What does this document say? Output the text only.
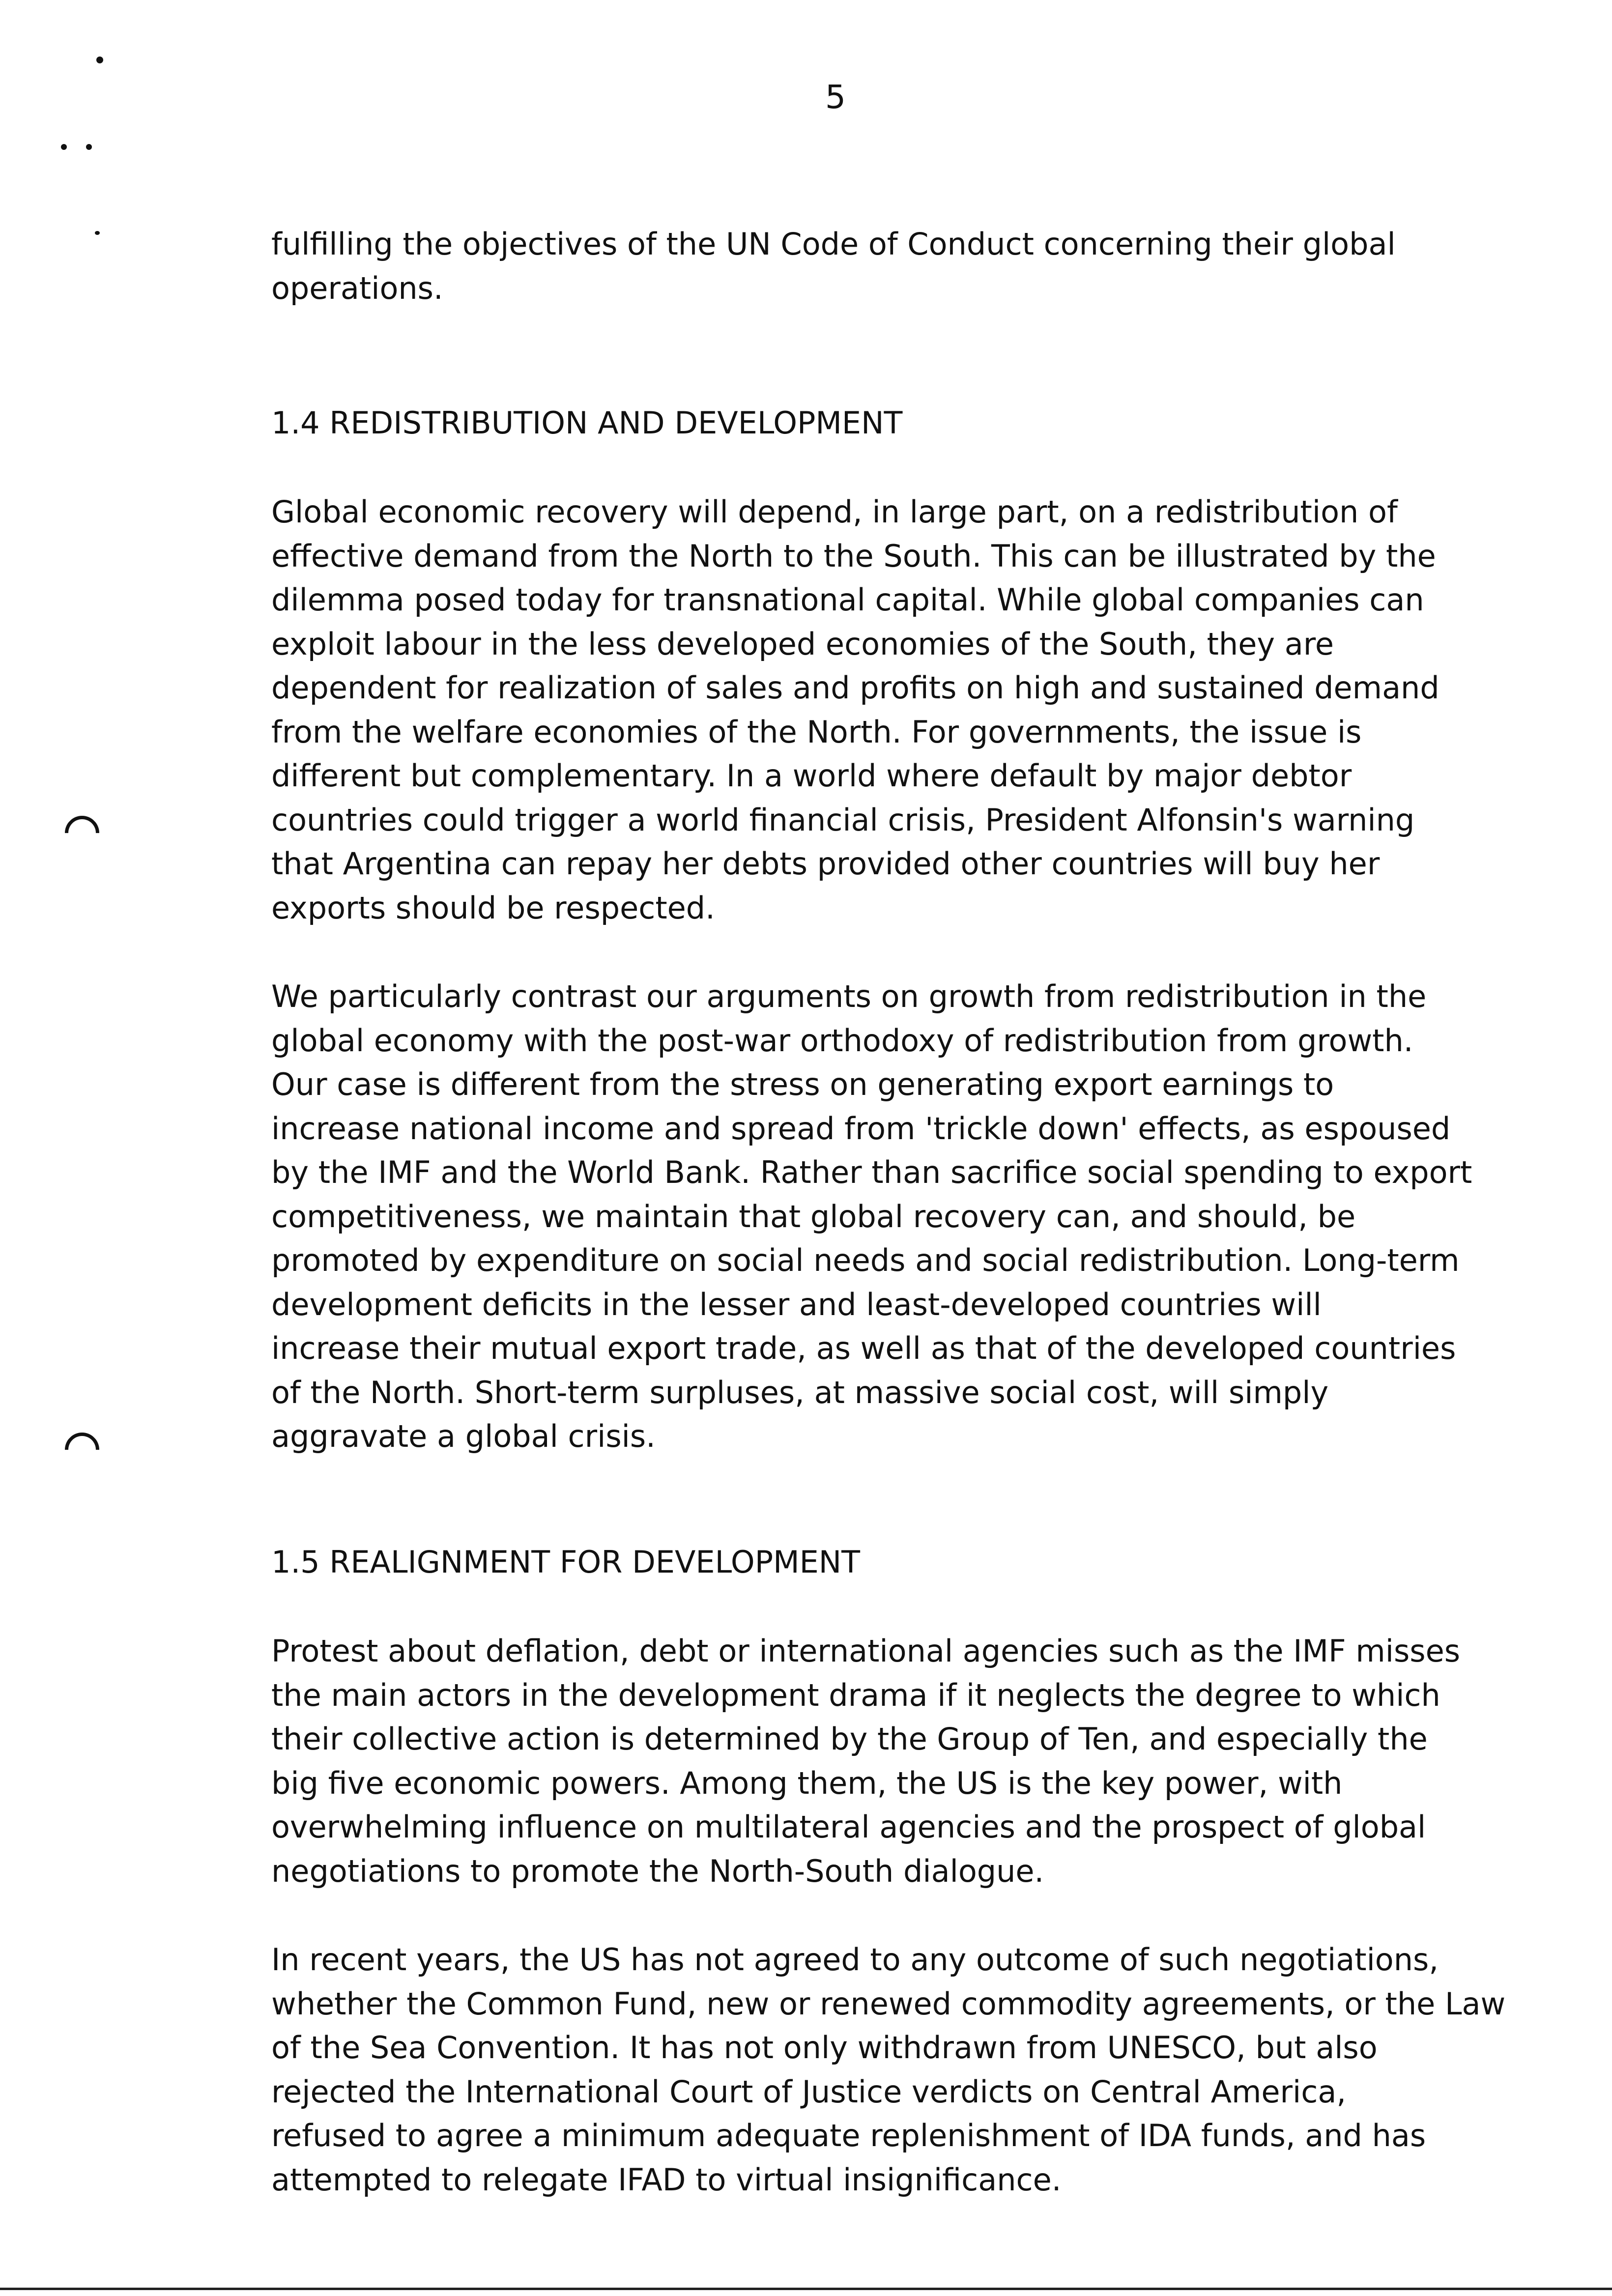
5
fulfilling the objectives of the UN Code of Conduct concerning their global
operations.
1.4 REDISTRIBUTION AND DEVELOPMENT
Global economic recovery will depend, in large part, on a redistribution of
effective demand from the North to the South. This can be illustrated by the
dilemma posed today for transnational capital. While global companies can
exploit labour in the less developed economies of the South, they are
dependent for realization of sales and profits on high and sustained demand
from the welfare economies of the North. For governments, the issue is
different but complementary. In a world where default by major debtor
countries could trigger a world financial crisis, President Alfonsin's warning
that Argentina can repay her debts provided other countries will buy her
exports should be respected.
We particularly contrast our arguments on growth from redistribution in the
global economy with the post-war orthodoxy of redistribution from growth.
Our case is different from the stress on generating export earnings to
increase national income and spread from 'trickle down' effects, as espoused
by the IMF and the World Bank. Rather than sacrifice social spending to export
competitiveness, we maintain that global recovery can, and should, be
promoted by expenditure on social needs and social redistribution. Long-term
development deficits in the lesser and least-developed countries will
increase their mutual export trade, as well as that of the developed countries
of the North. Short-term surpluses, at massive social cost, will simply
aggravate a global crisis.
1.5 REALIGNMENT FOR DEVELOPMENT
Protest about deflation, debt or international agencies such as the IMF misses
the main actors in the development drama if it neglects the degree to which
their collective action is determined by the Group of Ten, and especially the
big five economic powers. Among them, the US is the key power, with
overwhelming influence on multilateral agencies and the prospect of global
negotiations to promote the North-South dialogue.
In recent years, the US has not agreed to any outcome of such negotiations,
whether the Common Fund, new or renewed commodity agreements, or the Law
of the Sea Convention. It has not only withdrawn from UNESCO, but also
rejected the International Court of Justice verdicts on Central America,
refused to agree a minimum adequate replenishment of IDA funds, and has
attempted to relegate IFAD to virtual insignificance.
